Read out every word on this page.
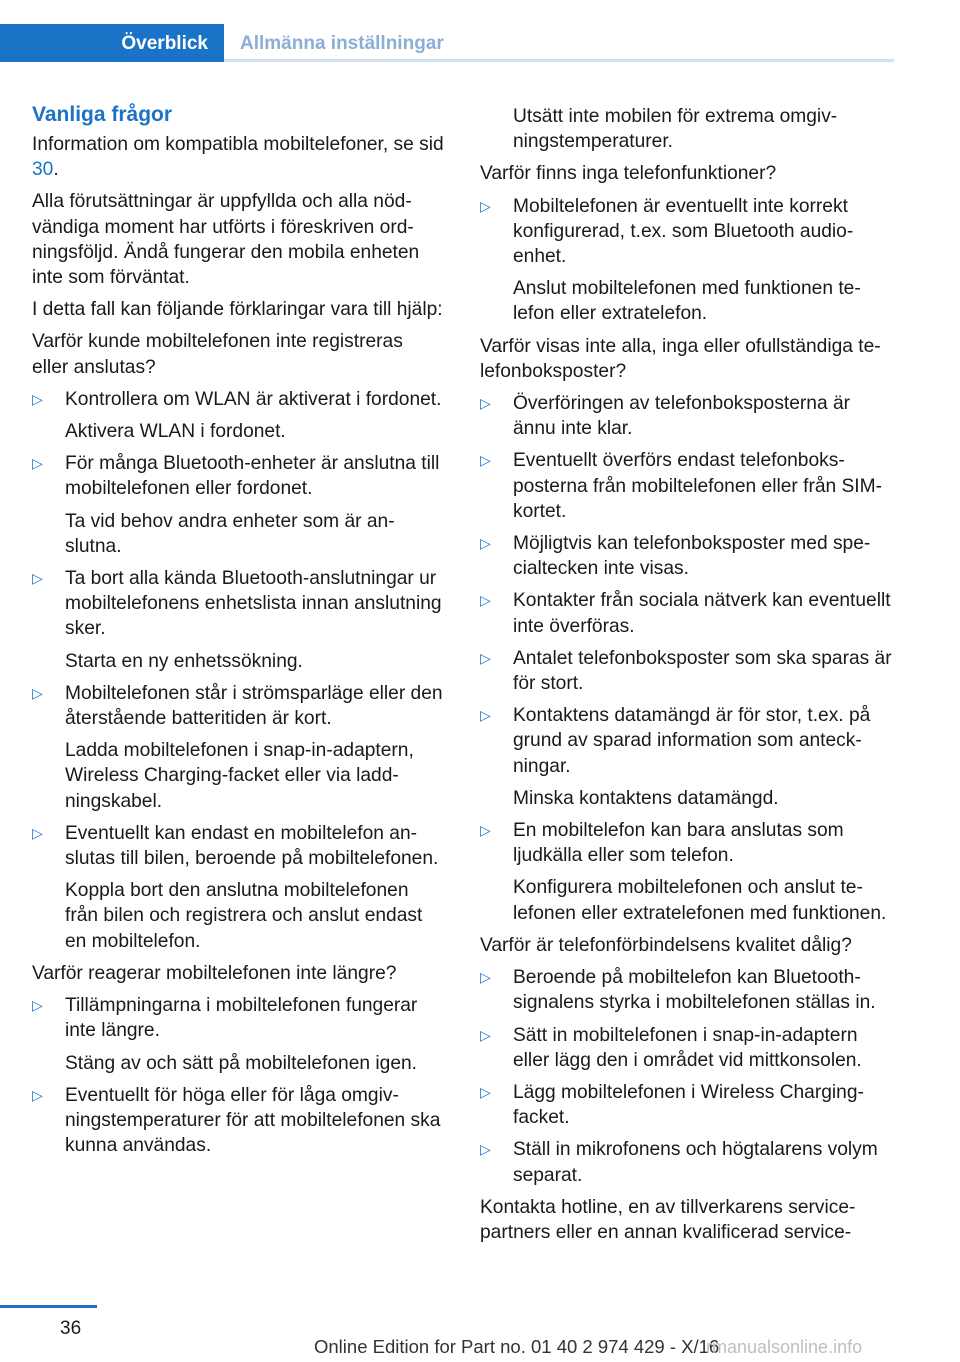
Överblick Allmänna inställningar
Vanliga frågor
Information om kompatibla mobiltelefoner, se sid 30.
Alla förutsättningar är uppfyllda och alla nödvändiga moment har utförts i föreskriven ordningsföljd. Ändå fungerar den mobila enheten inte som förväntat.
I detta fall kan följande förklaringar vara till hjälp:
Varför kunde mobiltelefonen inte registreras eller anslutas?
▷ Kontrollera om WLAN är aktiverat i fordonet.
Aktivera WLAN i fordonet.
▷ För många Bluetooth-enheter är anslutna till mobiltelefonen eller fordonet.
Ta vid behov andra enheter som är anslutna.
▷ Ta bort alla kända Bluetooth-anslutningar ur mobiltelefonens enhetslista innan anslutning sker.
Starta en ny enhetssökning.
▷ Mobiltelefonen står i strömsparläge eller den återstående batteritiden är kort.
Ladda mobiltelefonen i snap-in-adaptern, Wireless Charging-facket eller via laddningskabel.
▷ Eventuellt kan endast en mobiltelefon anslutas till bilen, beroende på mobiltelefonen.
Koppla bort den anslutna mobiltelefonen från bilen och registrera och anslut endast en mobiltelefon.
Varför reagerar mobiltelefonen inte längre?
▷ Tillämpningarna i mobiltelefonen fungerar inte längre.
Stäng av och sätt på mobiltelefonen igen.
▷ Eventuellt för höga eller för låga omgivningstemperaturer för att mobiltelefonen ska kunna användas.
Utsätt inte mobilen för extrema omgivningstemperaturer.
Varför finns inga telefonfunktioner?
▷ Mobiltelefonen är eventuellt inte korrekt konfigurerad, t.ex. som Bluetooth audio-enhet.
Anslut mobiltelefonen med funktionen telefon eller extratelefon.
Varför visas inte alla, inga eller ofullständiga telefonboksposter?
▷ Överföringen av telefonboksposterna är ännu inte klar.
▷ Eventuellt överförs endast telefonboksposterna från mobiltelefonen eller från SIM-kortet.
▷ Möjligtvis kan telefonboksposter med specialtecken inte visas.
▷ Kontakter från sociala nätverk kan eventuellt inte överföras.
▷ Antalet telefonboksposter som ska sparas är för stort.
▷ Kontaktens datamängd är för stor, t.ex. på grund av sparad information som anteckningar.
Minska kontaktens datamängd.
▷ En mobiltelefon kan bara anslutas som ljudkälla eller som telefon.
Konfigurera mobiltelefonen och anslut telefonen eller extratelefonen med funktionen.
Varför är telefonförbindelsens kvalitet dålig?
▷ Beroende på mobiltelefon kan Bluetooth-signalens styrka i mobiltelefonen ställas in.
▷ Sätt in mobiltelefonen i snap-in-adaptern eller lägg den i området vid mittkonsolen.
▷ Lägg mobiltelefonen i Wireless Charging-facket.
▷ Ställ in mikrofonens och högtalarens volym separat.
Kontakta hotline, en av tillverkarens servicepartners eller en annan kvalificerad service-
36
Online Edition for Part no. 01 40 2 974 429 - X/16
rmanualsonline.info
